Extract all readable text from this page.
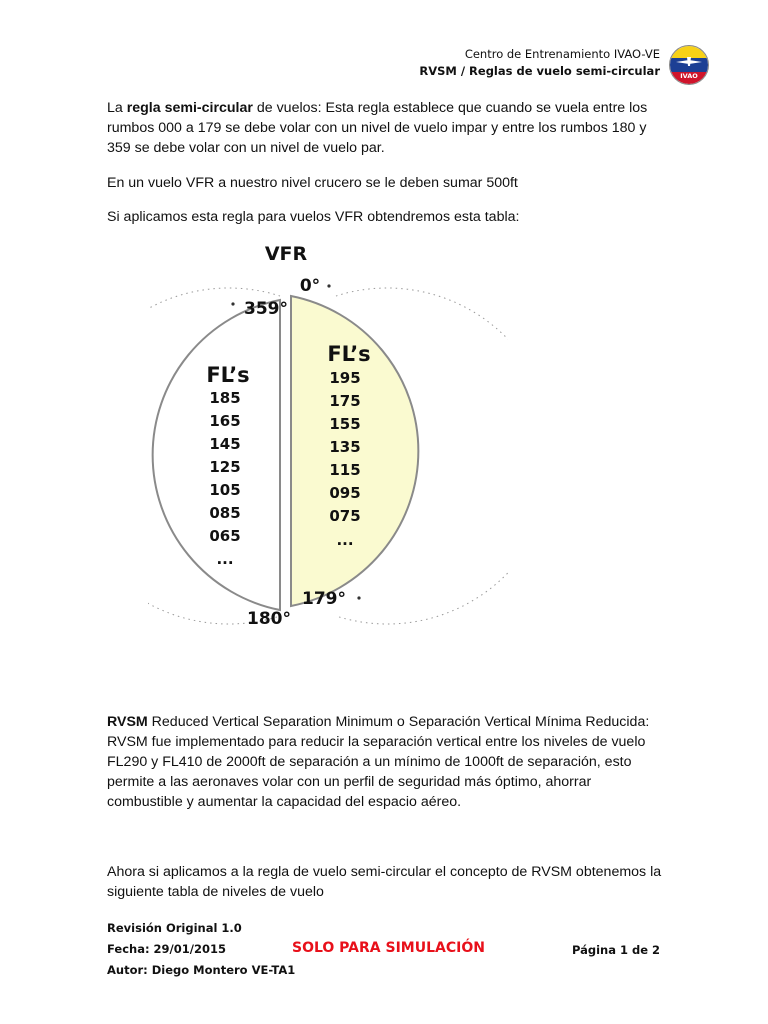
Centro de Entrenamiento IVAO-VE
RVSM / Reglas de vuelo semi-circular	IVAO

La regla semi-circular de vuelos: Esta regla establece que cuando se vuela entre los rumbos 000 a 179 se debe volar con un nivel de vuelo impar y entre los rumbos 180 y 359 se debe volar con un nivel de vuelo par.

En un vuelo VFR a nuestro nivel crucero se le deben sumar 500ft

Si aplicamos esta regla para vuelos VFR obtendremos esta tabla:

VFR
0°
359°
179°
180°
FL’s
FL’s
185
165
145
125
105
085
065
...
195
175
155
135
115
095
075
...

RVSM Reduced Vertical Separation Minimum o Separación Vertical Mínima Reducida: RVSM fue implementado para reducir la separación vertical entre los niveles de vuelo FL290 y FL410 de 2000ft de separación a un mínimo de 1000ft de separación, esto permite a las aeronaves volar con un perfil de seguridad más óptimo, ahorrar combustible y aumentar la capacidad del espacio aéreo.

Ahora si aplicamos a la regla de vuelo semi-circular el concepto de RVSM obtenemos la siguiente tabla de niveles de vuelo

Revisión Original 1.0
Fecha: 29/01/2015
Autor: Diego Montero VE-TA1
SOLO PARA SIMULACIÓN	Página 1 de 2
